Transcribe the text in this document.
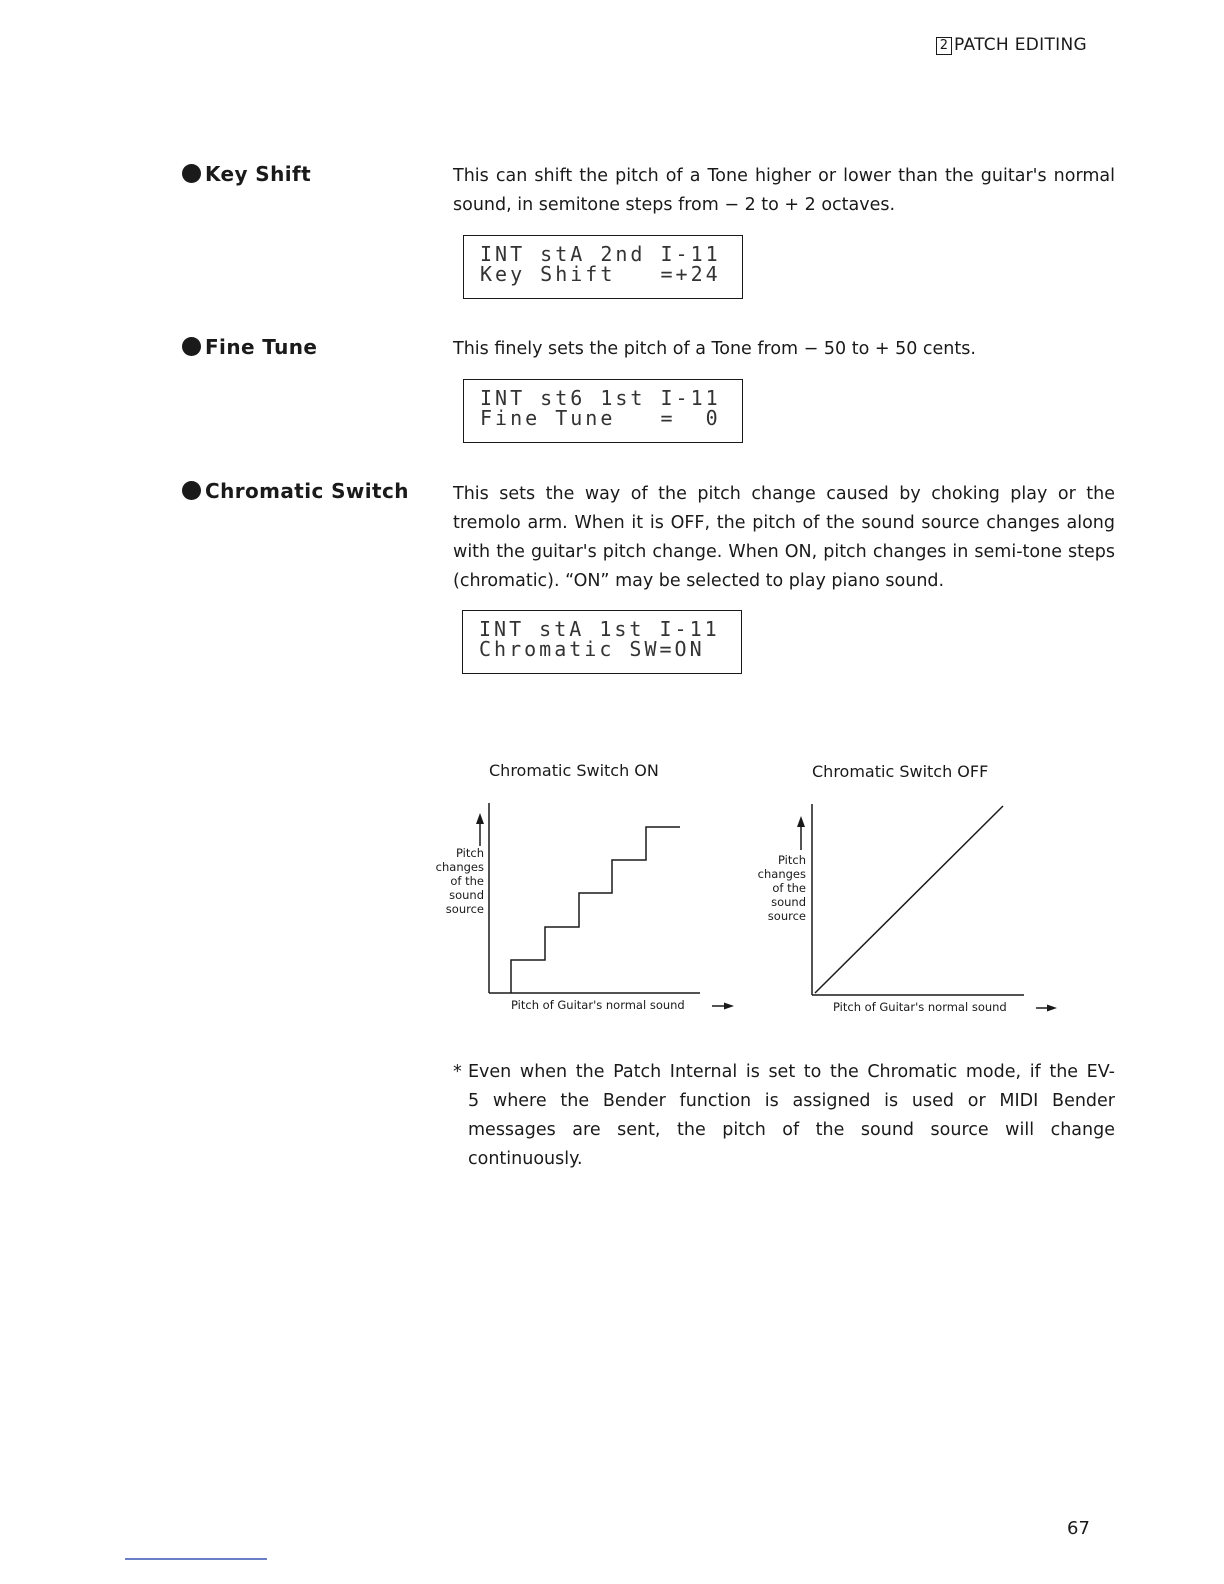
2 PATCH EDITING
Key Shift	This can shift the pitch of a Tone higher or lower than the guitar's normal sound, in semitone steps from − 2 to + 2 octaves.
INT stA 2nd I-11
Key Shift   =+24
Fine Tune	This finely sets the pitch of a Tone from − 50 to + 50 cents.
INT st6 1st I-11
Fine Tune   =  0
Chromatic Switch	This sets the way of the pitch change caused by choking play or the tremolo arm. When it is OFF, the pitch of the sound source changes along with the guitar's pitch change. When ON, pitch changes in semi-tone steps (chromatic). “ON” may be selected to play piano sound.
INT stA 1st I-11
Chromatic SW=ON
Chromatic Switch ON
Pitch
changes
of the
sound
source
Pitch of Guitar's normal sound
Chromatic Switch OFF
Pitch
changes
of the
sound
source
Pitch of Guitar's normal sound
* Even when the Patch Internal is set to the Chromatic mode, if the EV-
5 where the Bender function is assigned is used or MIDI Bender
messages are sent, the pitch of the sound source will change
continuously.
67
